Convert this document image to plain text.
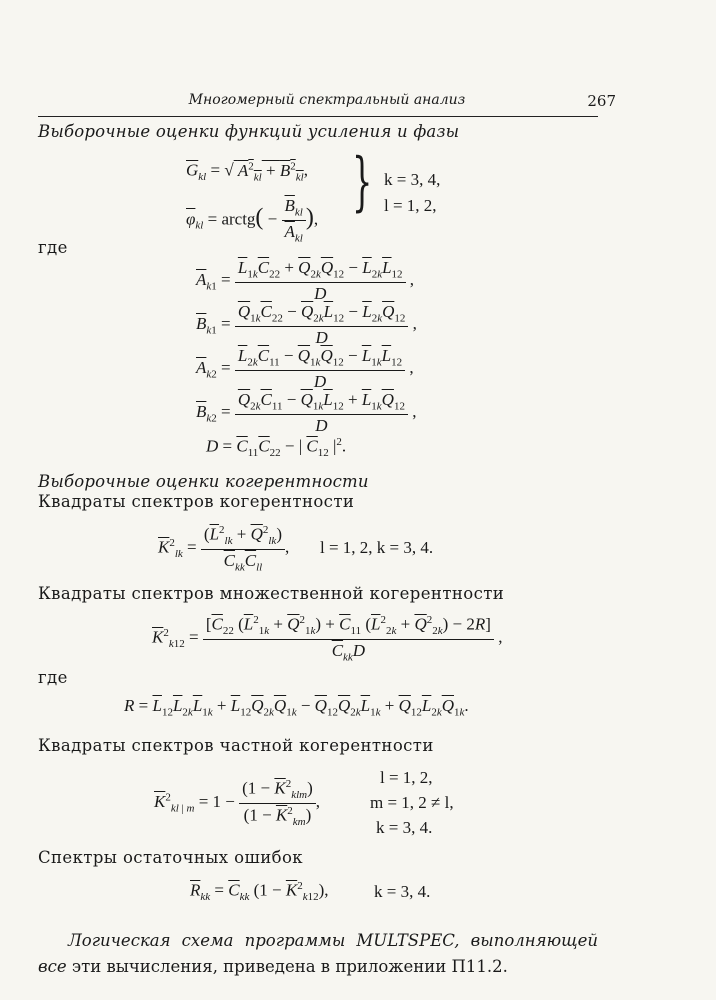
Многомерный спектральный анализ	267
Выборочные оценки функций усиления и фазы
$\overline{G}_{kl}$ = √ $A^2_{kl} + B^2_{kl}$,
$\overline{\varphi}_{kl}$ = arctg( − $\frac{\overline{B}_{kl}}{\overline{A}_{kl}}$ ), } k = 3, 4,
l = 1, 2,
где
$\overline{A}_{k1} = \frac{\overline{L}_{1k}\overline{C}_{22} + \overline{Q}_{2k}\overline{Q}_{12} - \overline{L}_{2k}\overline{L}_{12}}{D}$ ,
$\overline{B}_{k1} = \frac{\overline{Q}_{1k}\overline{C}_{22} - \overline{Q}_{2k}\overline{L}_{12} - \overline{L}_{2k}\overline{Q}_{12}}{D}$ ,
$\overline{A}_{k2} = \frac{\overline{L}_{2k}\overline{C}_{11} - \overline{Q}_{1k}\overline{Q}_{12} - \overline{L}_{1k}\overline{L}_{12}}{D}$ ,
$\overline{B}_{k2} = \frac{\overline{Q}_{2k}\overline{C}_{11} - \overline{Q}_{1k}\overline{L}_{12} + \overline{L}_{1k}\overline{Q}_{12}}{D}$ ,
$D = \overline{C}_{11}\overline{C}_{22}$ − | $\overline{C}_{12}$ $|^2$.
Выборочные оценки когерентности
Квадраты спектров когерентности
$\overline{K}^2_{lk} = \frac{(\overline{L}^2_{lk} + \overline{Q}^2_{lk})}{\overline{C}_{kk}\overline{C}_{ll}}$ , l = 1, 2, k = 3, 4.
Квадраты спектров множественной когерентности
$\overline{K}^2_{k12} = \frac{[\overline{C}_{22} (\overline{L}^2_{1k} + \overline{Q}^2_{1k}) + \overline{C}_{11} (\overline{L}^2_{2k} + \overline{Q}^2_{2k}) - 2R]}{\overline{C}_{kk}D}$ ,
где
$R = \overline{L}_{12}\overline{L}_{2k}\overline{L}_{1k} + \overline{L}_{12}\overline{Q}_{2k}\overline{Q}_{1k} - \overline{Q}_{12}\overline{Q}_{2k}\overline{L}_{1k} + \overline{Q}_{12}\overline{L}_{2k}\overline{Q}_{1k}$.
Квадраты спектров частной когерентности
$\overline{K}^2_{kl | m} = 1 - \frac{(1 - \overline{K}^2_{klm})}{(1 - \overline{K}^2_{km})}$ ,
l = 1, 2,
m = 1, 2 ≠ l,
k = 3, 4.
Спектры остаточных ошибок
$\overline{R}_{kk} = \overline{C}_{kk}$ $(1 - \overline{K}^2_{k12})$,	k = 3, 4.
Логическая схема программы MULTSPEC, выполняющей все эти вычисления, приведена в приложении П11.2.
